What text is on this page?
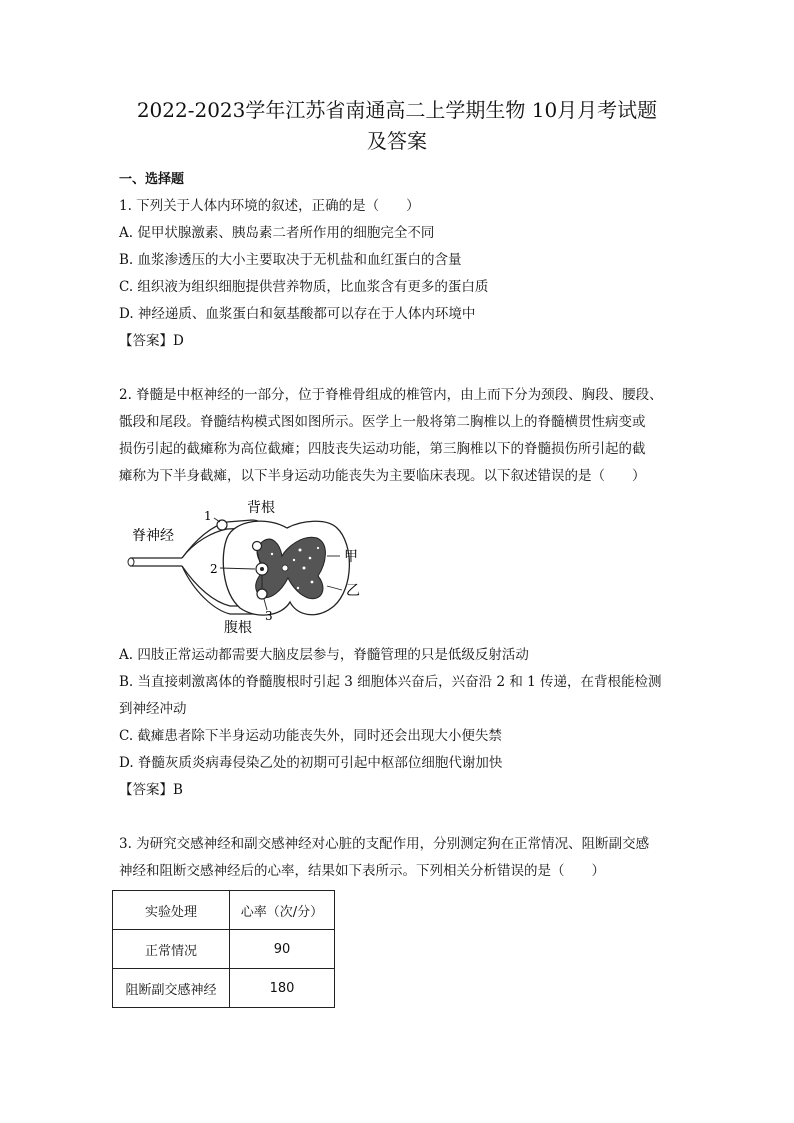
2022-2023学年江苏省南通高二上学期生物 10月月考试题
及答案
一、选择题
1. 下列关于人体内环境的叙述，正确的是（　　）
A. 促甲状腺激素、胰岛素二者所作用的细胞完全不同
B. 血浆渗透压的大小主要取决于无机盐和血红蛋白的含量
C. 组织液为组织细胞提供营养物质，比血浆含有更多的蛋白质
D. 神经递质、血浆蛋白和氨基酸都可以存在于人体内环境中
【答案】D
2. 脊髓是中枢神经的一部分，位于脊椎骨组成的椎管内，由上而下分为颈段、胸段、腰段、
骶段和尾段。脊髓结构模式图如图所示。医学上一般将第二胸椎以上的脊髓横贯性病变或
损伤引起的截瘫称为高位截瘫；四肢丧失运动功能，第三胸椎以下的脊髓损伤所引起的截
瘫称为下半身截瘫，以下半身运动功能丧失为主要临床表现。以下叙述错误的是（　　）
脊神经
背根
腹根
甲
乙
1
2
3
A. 四肢正常运动都需要大脑皮层参与，脊髓管理的只是低级反射活动
B. 当直接刺激离体的脊髓腹根时引起 3 细胞体兴奋后，兴奋沿 2 和 1 传递，在背根能检测
到神经冲动
C. 截瘫患者除下半身运动功能丧失外，同时还会出现大小便失禁
D. 脊髓灰质炎病毒侵染乙处的初期可引起中枢部位细胞代谢加快
【答案】B
3. 为研究交感神经和副交感神经对心脏的支配作用，分别测定狗在正常情况、阻断副交感
神经和阻断交感神经后的心率，结果如下表所示。下列相关分析错误的是（　　）
实验处理	心率（次/分）
正常情况	90
阻断副交感神经	180
